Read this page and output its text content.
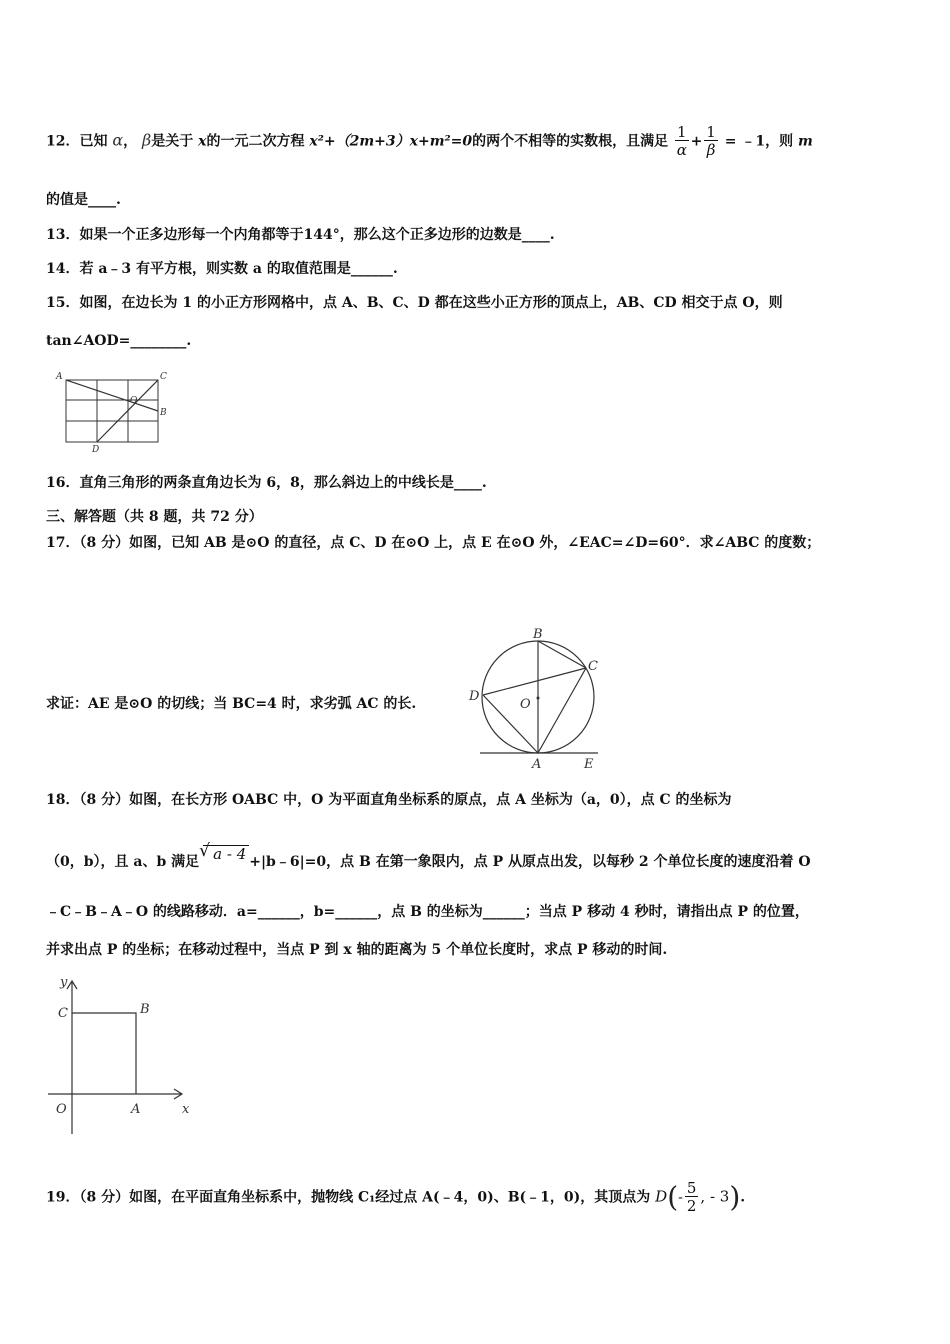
12．已知 α， β是关于 x的一元二次方程 x²+（2m+3）x+m²=0的两个不相等的实数根，且满足 $\frac{1}{\alpha} + \frac{1}{\beta}$ = ﹣1，则 m
的值是____.
13．如果一个正多边形每一个内角都等于144°，那么这个正多边形的边数是____.
14．若 a﹣3 有平方根，则实数 a 的取值范围是______.
15．如图，在边长为 1 的小正方形网格中，点 A、B、C、D 都在这些小正方形的顶点上，AB、CD 相交于点 O，则
tan∠AOD=________.
A	C
B
D
O
16．直角三角形的两条直角边长为 6，8，那么斜边上的中线长是____.
三、解答题（共 8 题，共 72 分）
17．（8 分）如图，已知 AB 是⊙O 的直径，点 C、D 在⊙O 上，点 E 在⊙O 外，∠EAC=∠D=60°．求∠ABC 的度数；
求证：AE 是⊙O 的切线；当 BC=4 时，求劣弧 AC 的长.
B
C
D
O
A	E
18．（8 分）如图，在长方形 OABC 中，O 为平面直角坐标系的原点，点 A 坐标为（a，0），点 C 的坐标为
（0，b），且 a、b 满足√ a - 4 +|b﹣6|=0，点 B 在第一象限内，点 P 从原点出发，以每秒 2 个单位长度的速度沿着 O
﹣C﹣B﹣A﹣O 的线路移动．a=______，b=______，点 B 的坐标为______；当点 P 移动 4 秒时，请指出点 P 的位置，
并求出点 P 的坐标；在移动过程中，当点 P 到 x 轴的距离为 5 个单位长度时，求点 P 移动的时间.
y
C	B
O	A	x
19．（8 分）如图，在平面直角坐标系中，抛物线 C₁经过点 A(﹣4，0)、B(﹣1，0)，其顶点为 $D(- \frac{5}{2}$ , - 3).
